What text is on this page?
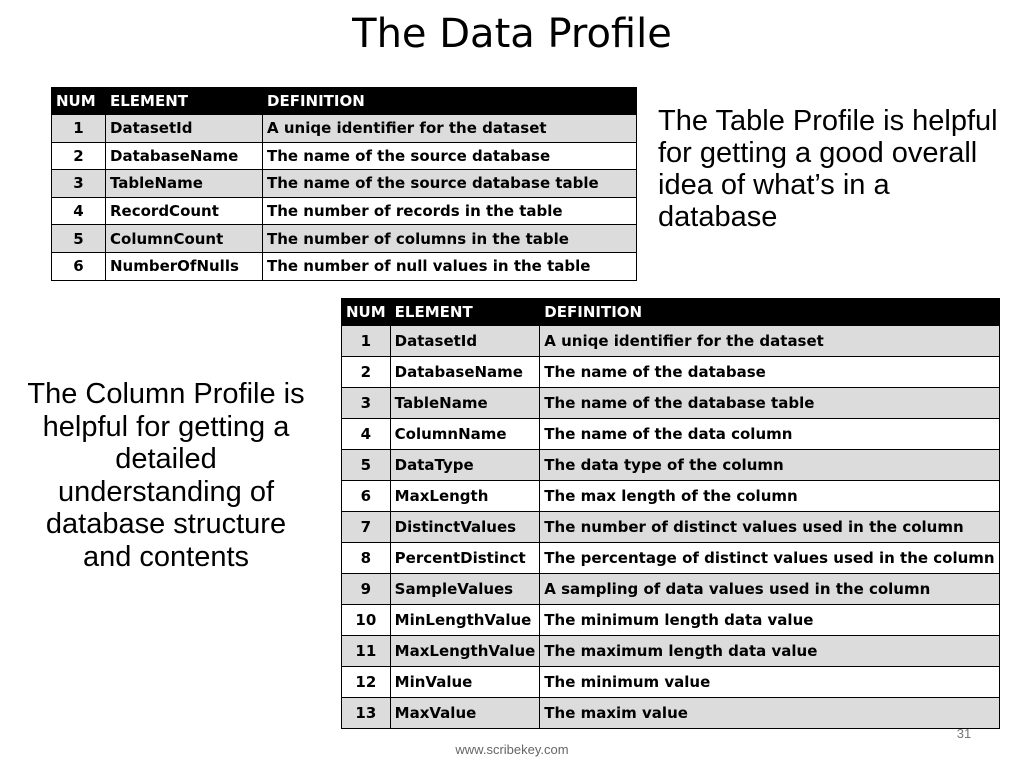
The Data Profile
NUM	ELEMENT	DEFINITION
1	DatasetId	A uniqe identifier for the dataset
2	DatabaseName	The name of the source database
3	TableName	The name of the source database table
4	RecordCount	The number of records in the table
5	ColumnCount	The number of columns in the table
6	NumberOfNulls	The number of null values in the table
The Table Profile is helpful for getting a good overall idea of what’s in a database
NUM	ELEMENT	DEFINITION
1	DatasetId	A uniqe identifier for the dataset
2	DatabaseName	The name of the database
3	TableName	The name of the database table
4	ColumnName	The name of the data column
5	DataType	The data type of the column
6	MaxLength	The max length of the column
7	DistinctValues	The number of distinct values used in the column
8	PercentDistinct	The percentage of distinct values used in the column
9	SampleValues	A sampling of data values used in the column
10	MinLengthValue	The minimum length data value
11	MaxLengthValue	The maximum length data value
12	MinValue	The minimum value
13	MaxValue	The maxim value
The Column Profile is helpful for getting a detailed understanding of database structure and contents
31
www.scribekey.com
